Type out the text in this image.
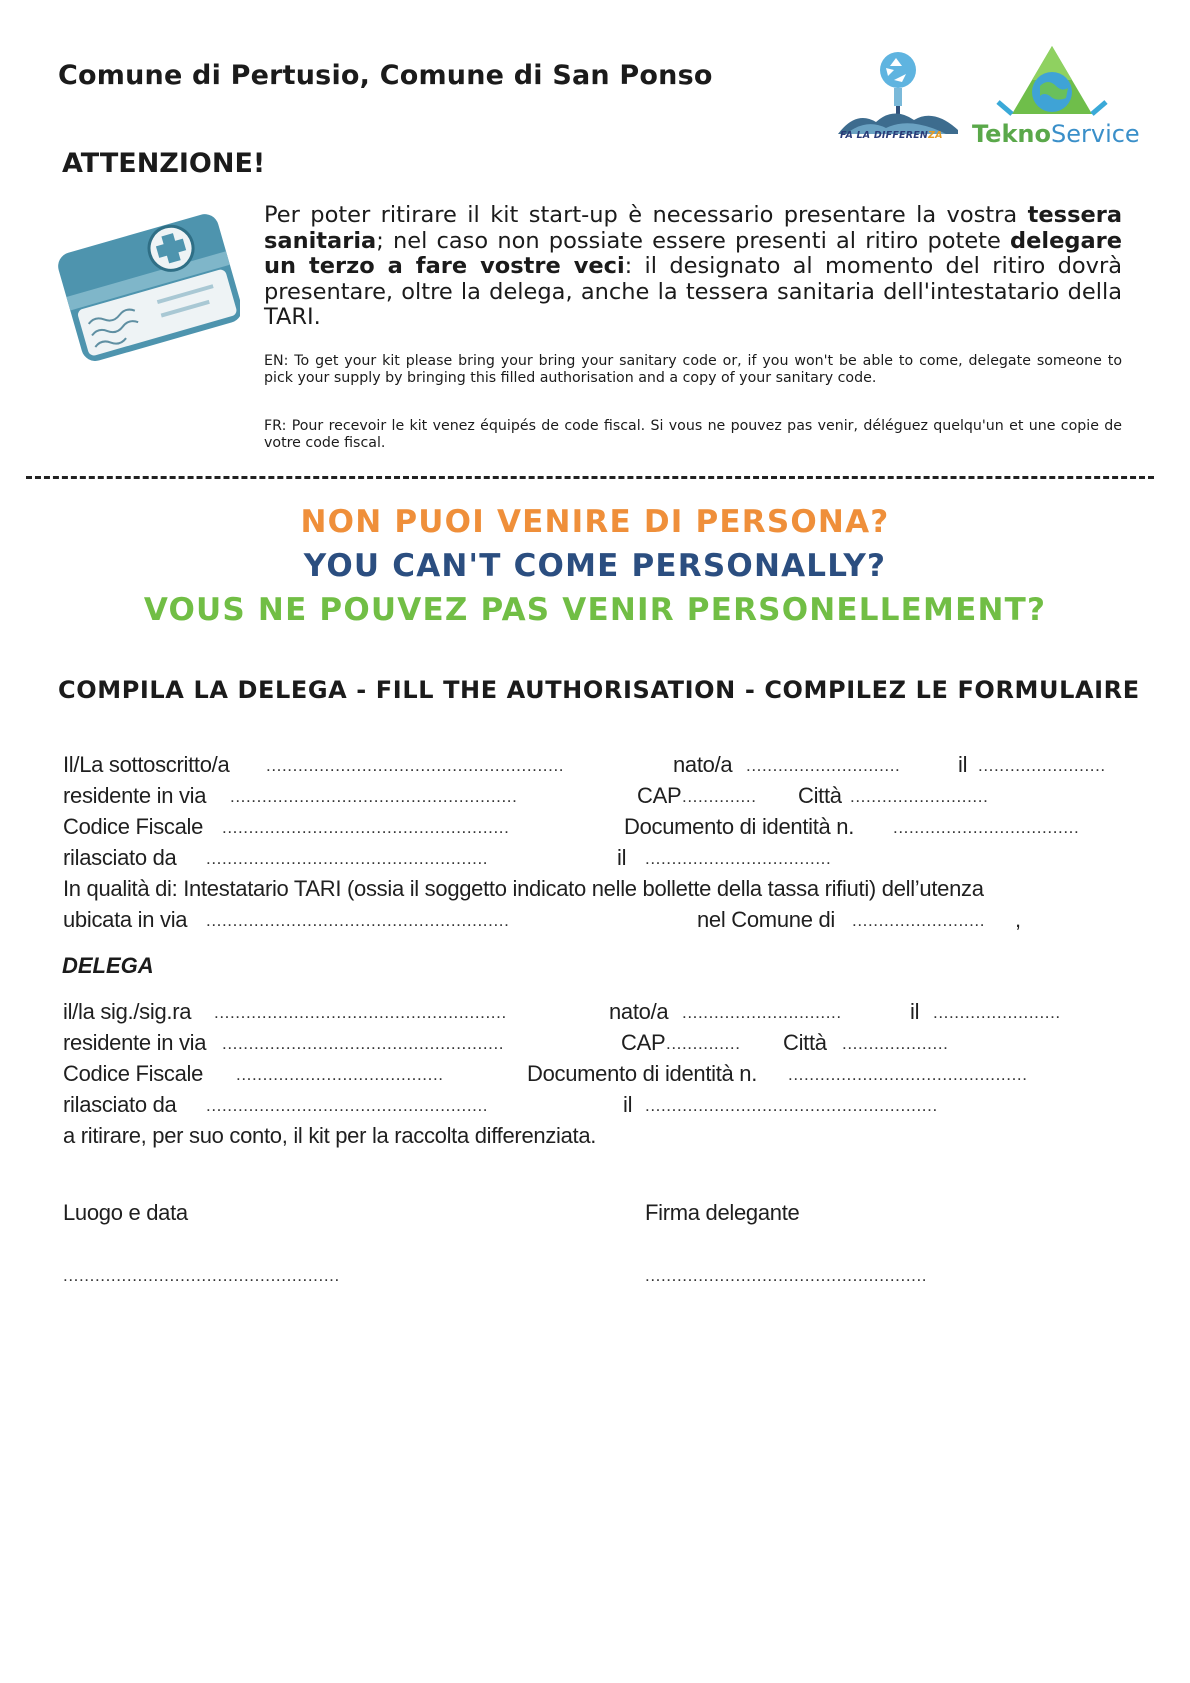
Comune di Pertusio, Comune di San Ponso
ATTENZIONE!
FA LA DIFFERENZA TeknoService
Per poter ritirare il kit start-up è necessario presentare la vostra tessera sanitaria; nel caso non possiate essere presenti al ritiro potete delegare un terzo a fare vostre veci: il designato al momento del ritiro dovrà presentare, oltre la delega, anche la tessera sanitaria dell'intestatario della TARI.
EN: To get your kit please bring your bring your sanitary code or, if you won't be able to come, delegate someone to pick your supply by bringing this filled authorisation and a copy of your sanitary code.
FR: Pour recevoir le kit venez équipés de code fiscal. Si vous ne pouvez pas venir, déléguez quelqu'un et une copie de votre code fiscal.
NON PUOI VENIRE DI PERSONA?
YOU CAN'T COME PERSONALLY?
VOUS NE POUVEZ PAS VENIR PERSONELLEMENT?
COMPILA LA DELEGA - FILL THE AUTHORISATION - COMPILEZ LE FORMULAIRE
Il/La sottoscritto/a ........................................................	nato/a .............................	il ........................
residente in via ......................................................	CAP .............. Città ..........................
Codice Fiscale ......................................................	Documento di identità n. ...................................
rilasciato da .....................................................	il ...................................
In qualità di: Intestatario TARI (ossia il soggetto indicato nelle bollette della tassa rifiuti) dell’utenza
ubicata in via .........................................................	nel Comune di ......................... ,
DELEGA
il/la sig./sig.ra .......................................................	nato/a ..............................	il ........................
residente in via .....................................................	CAP .............. Città ....................
Codice Fiscale .......................................	Documento di identità n. .............................................
rilasciato da .....................................................	il .......................................................
a ritirare, per suo conto, il kit per la raccolta differenziata.
Luogo e data	Firma delegante
....................................................	.....................................................
